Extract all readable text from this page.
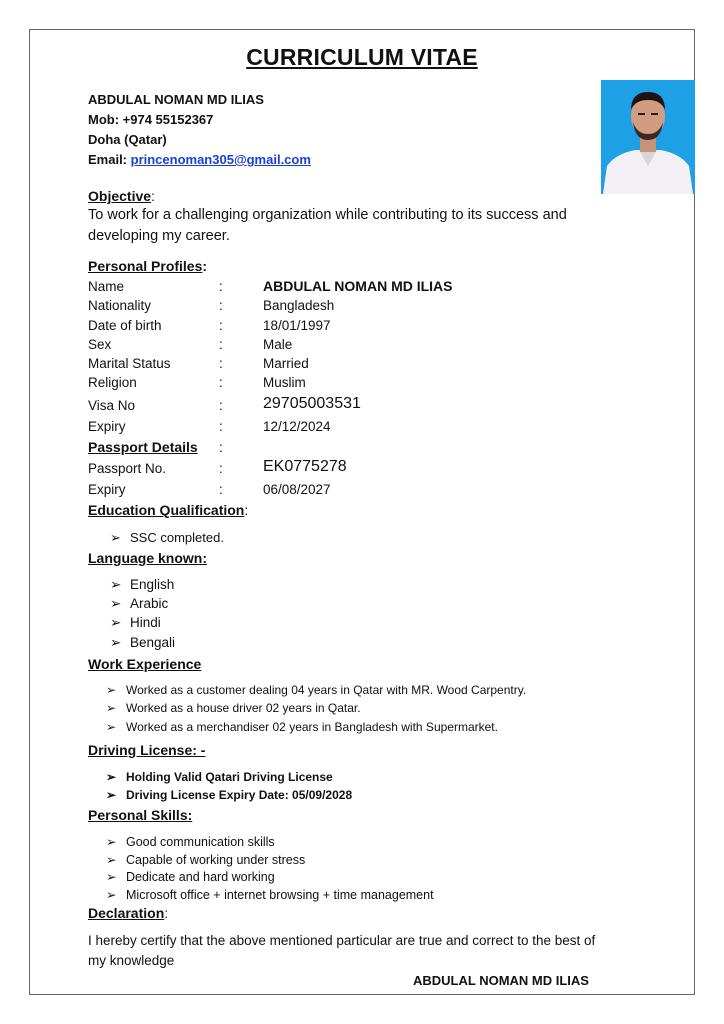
CURRICULUM VITAE
ABDULAL NOMAN MD ILIAS
Mob: +974 55152367
Doha (Qatar)
Email: princenoman305@gmail.com
Objective:
To work for a challenging organization while contributing to its success and
developing my career.
Personal Profiles:
Name	:	ABDULAL NOMAN MD ILIAS
Nationality	:	Bangladesh
Date of birth	:	18/01/1997
Sex	:	Male
Marital Status	:	Married
Religion	:	Muslim
Visa No	:	29705003531
Expiry	:	12/12/2024
Passport Details :
Passport No.	:	EK0775278
Expiry	:	06/08/2027
Education Qualification:
➢ SSC completed.
Language known:
➢ English
➢ Arabic
➢ Hindi
➢ Bengali
Work Experience
➢ Worked as a customer dealing 04 years in Qatar with MR. Wood Carpentry.
➢ Worked as a house driver 02 years in Qatar.
➢ Worked as a merchandiser 02 years in Bangladesh with Supermarket.
Driving License: -
➢ Holding Valid Qatari Driving License
➢ Driving License Expiry Date: 05/09/2028
Personal Skills:
➢ Good communication skills
➢ Capable of working under stress
➢ Dedicate and hard working
➢ Microsoft office + internet browsing + time management
Declaration:
I hereby certify that the above mentioned particular are true and correct to the best of
my knowledge
ABDULAL NOMAN MD ILIAS
